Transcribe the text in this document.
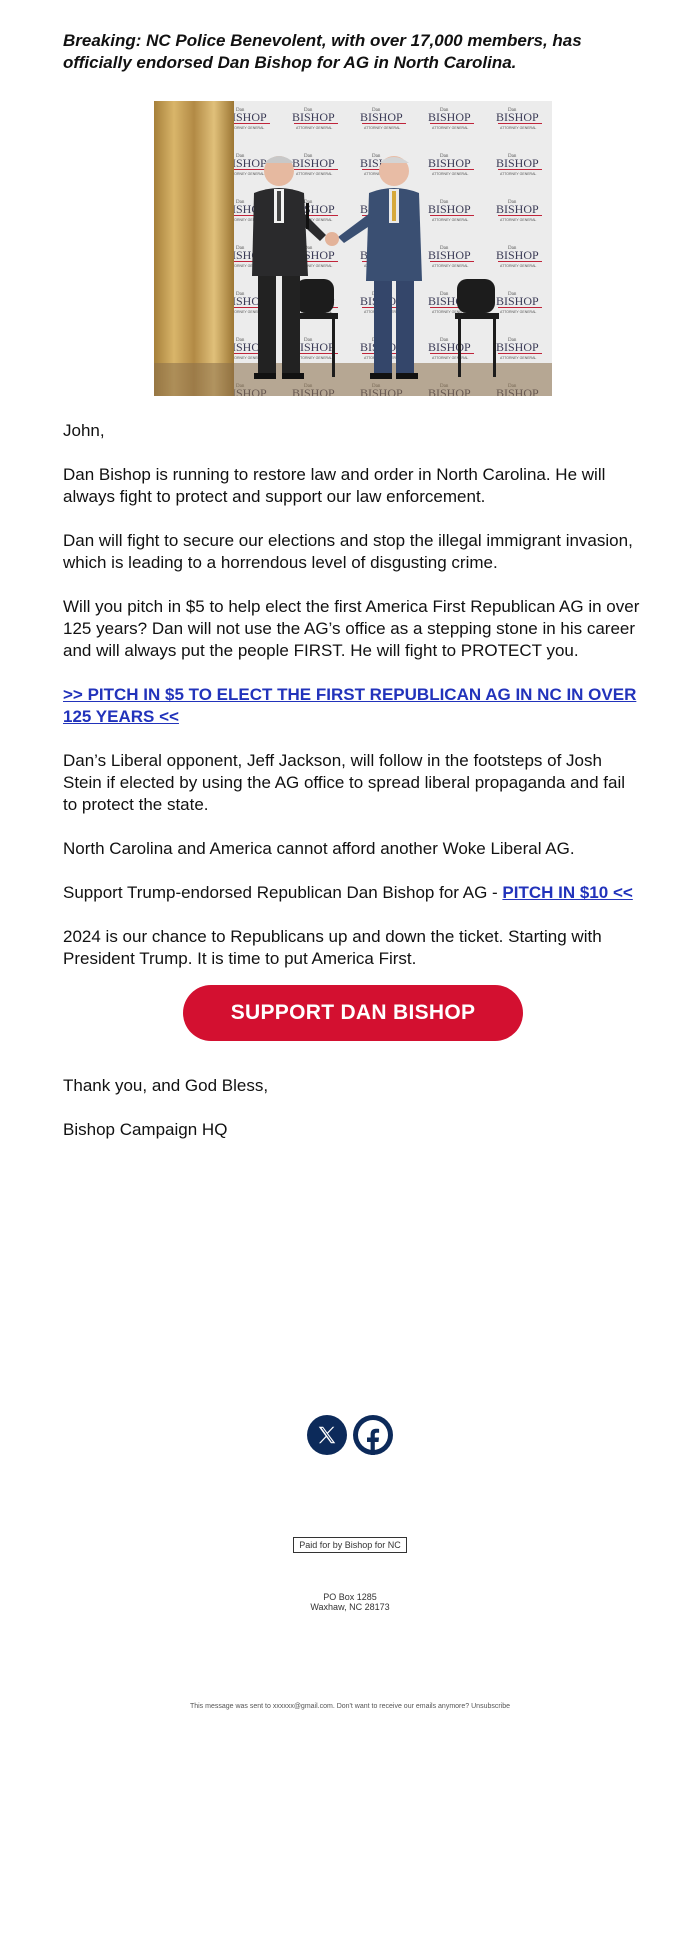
Breaking: NC Police Benevolent, with over 17,000 members, has officially endorsed Dan Bishop for AG in North Carolina.

John,

Dan Bishop is running to restore law and order in North Carolina. He will always fight to protect and support our law enforcement.

Dan will fight to secure our elections and stop the illegal immigrant invasion, which is leading to a horrendous level of disgusting crime.

Will you pitch in $5 to help elect the first America First Republican AG in over 125 years? Dan will not use the AG’s office as a stepping stone in his career and will always put the people FIRST. He will fight to PROTECT you.

>> PITCH IN $5 TO ELECT THE FIRST REPUBLICAN AG IN NC IN OVER 125 YEARS <<

Dan’s Liberal opponent, Jeff Jackson, will follow in the footsteps of Josh Stein if elected by using the AG office to spread liberal propaganda and fail to protect the state.

North Carolina and America cannot afford another Woke Liberal AG.

Support Trump-endorsed Republican Dan Bishop for AG - PITCH IN $10 <<

2024 is our chance to Republicans up and down the ticket. Starting with President Trump. It is time to put America First.

SUPPORT DAN BISHOP

Thank you, and God Bless,

Bishop Campaign HQ

Paid for by Bishop for NC
PO Box 1285
Waxhaw, NC 28173
This message was sent to xxxxxx@gmail.com. Don't want to receive our emails anymore? Unsubscribe
